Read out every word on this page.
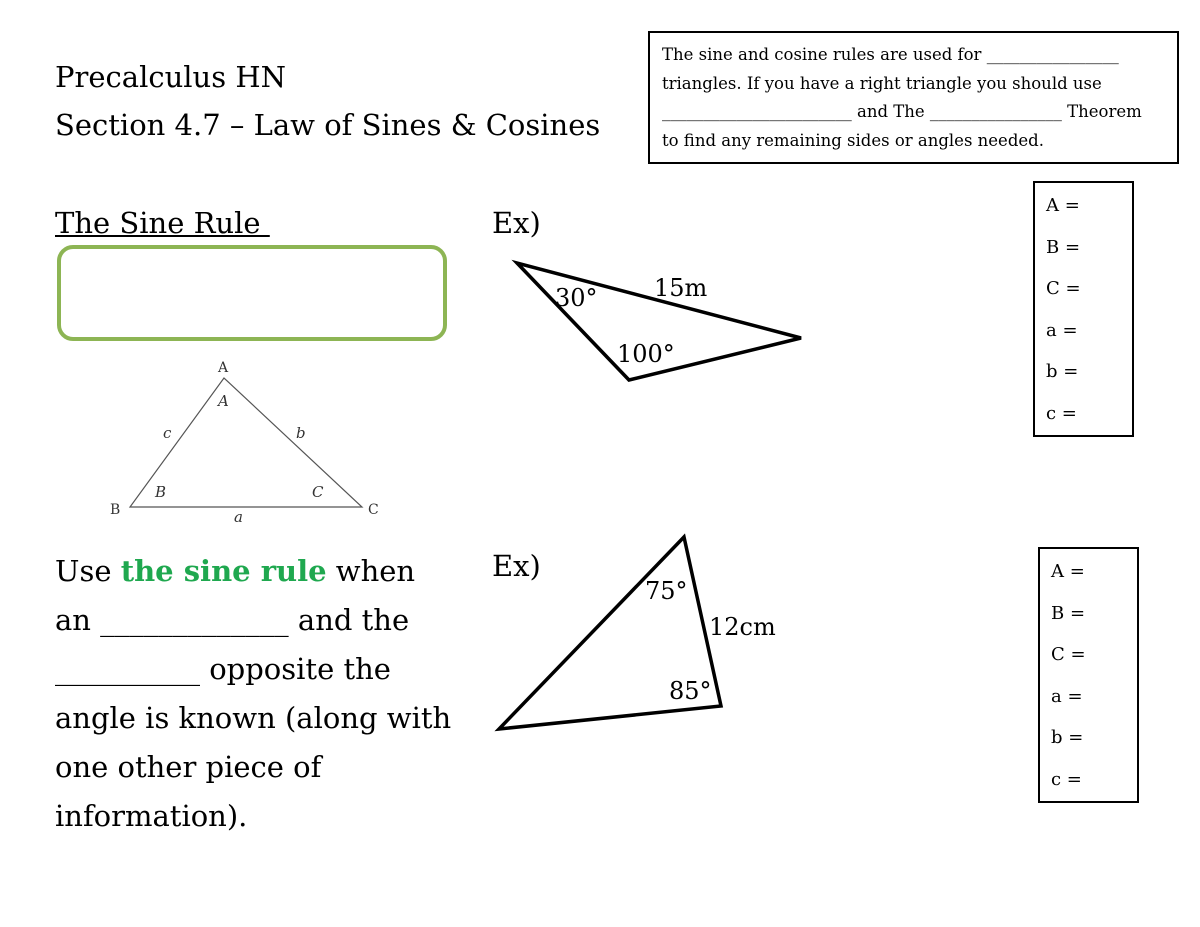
Precalculus HN
Section 4.7 – Law of Sines & Cosines
The sine and cosine rules are used for ________________
triangles. If you have a right triangle you should use
_______________________ and The ________________ Theorem
to find any remaining sides or angles needed.
The Sine Rule
A
B	C
A
B	C
a
b
c
30°
100°
15m
75°
85°
12cm
Ex)
Ex)
A =
B =
C =
a =
b =
c =
A =
B =
C =
a =
b =
c =
Use the sine rule when an _____________ and the __________ opposite the angle is known (along with one other piece of information).
